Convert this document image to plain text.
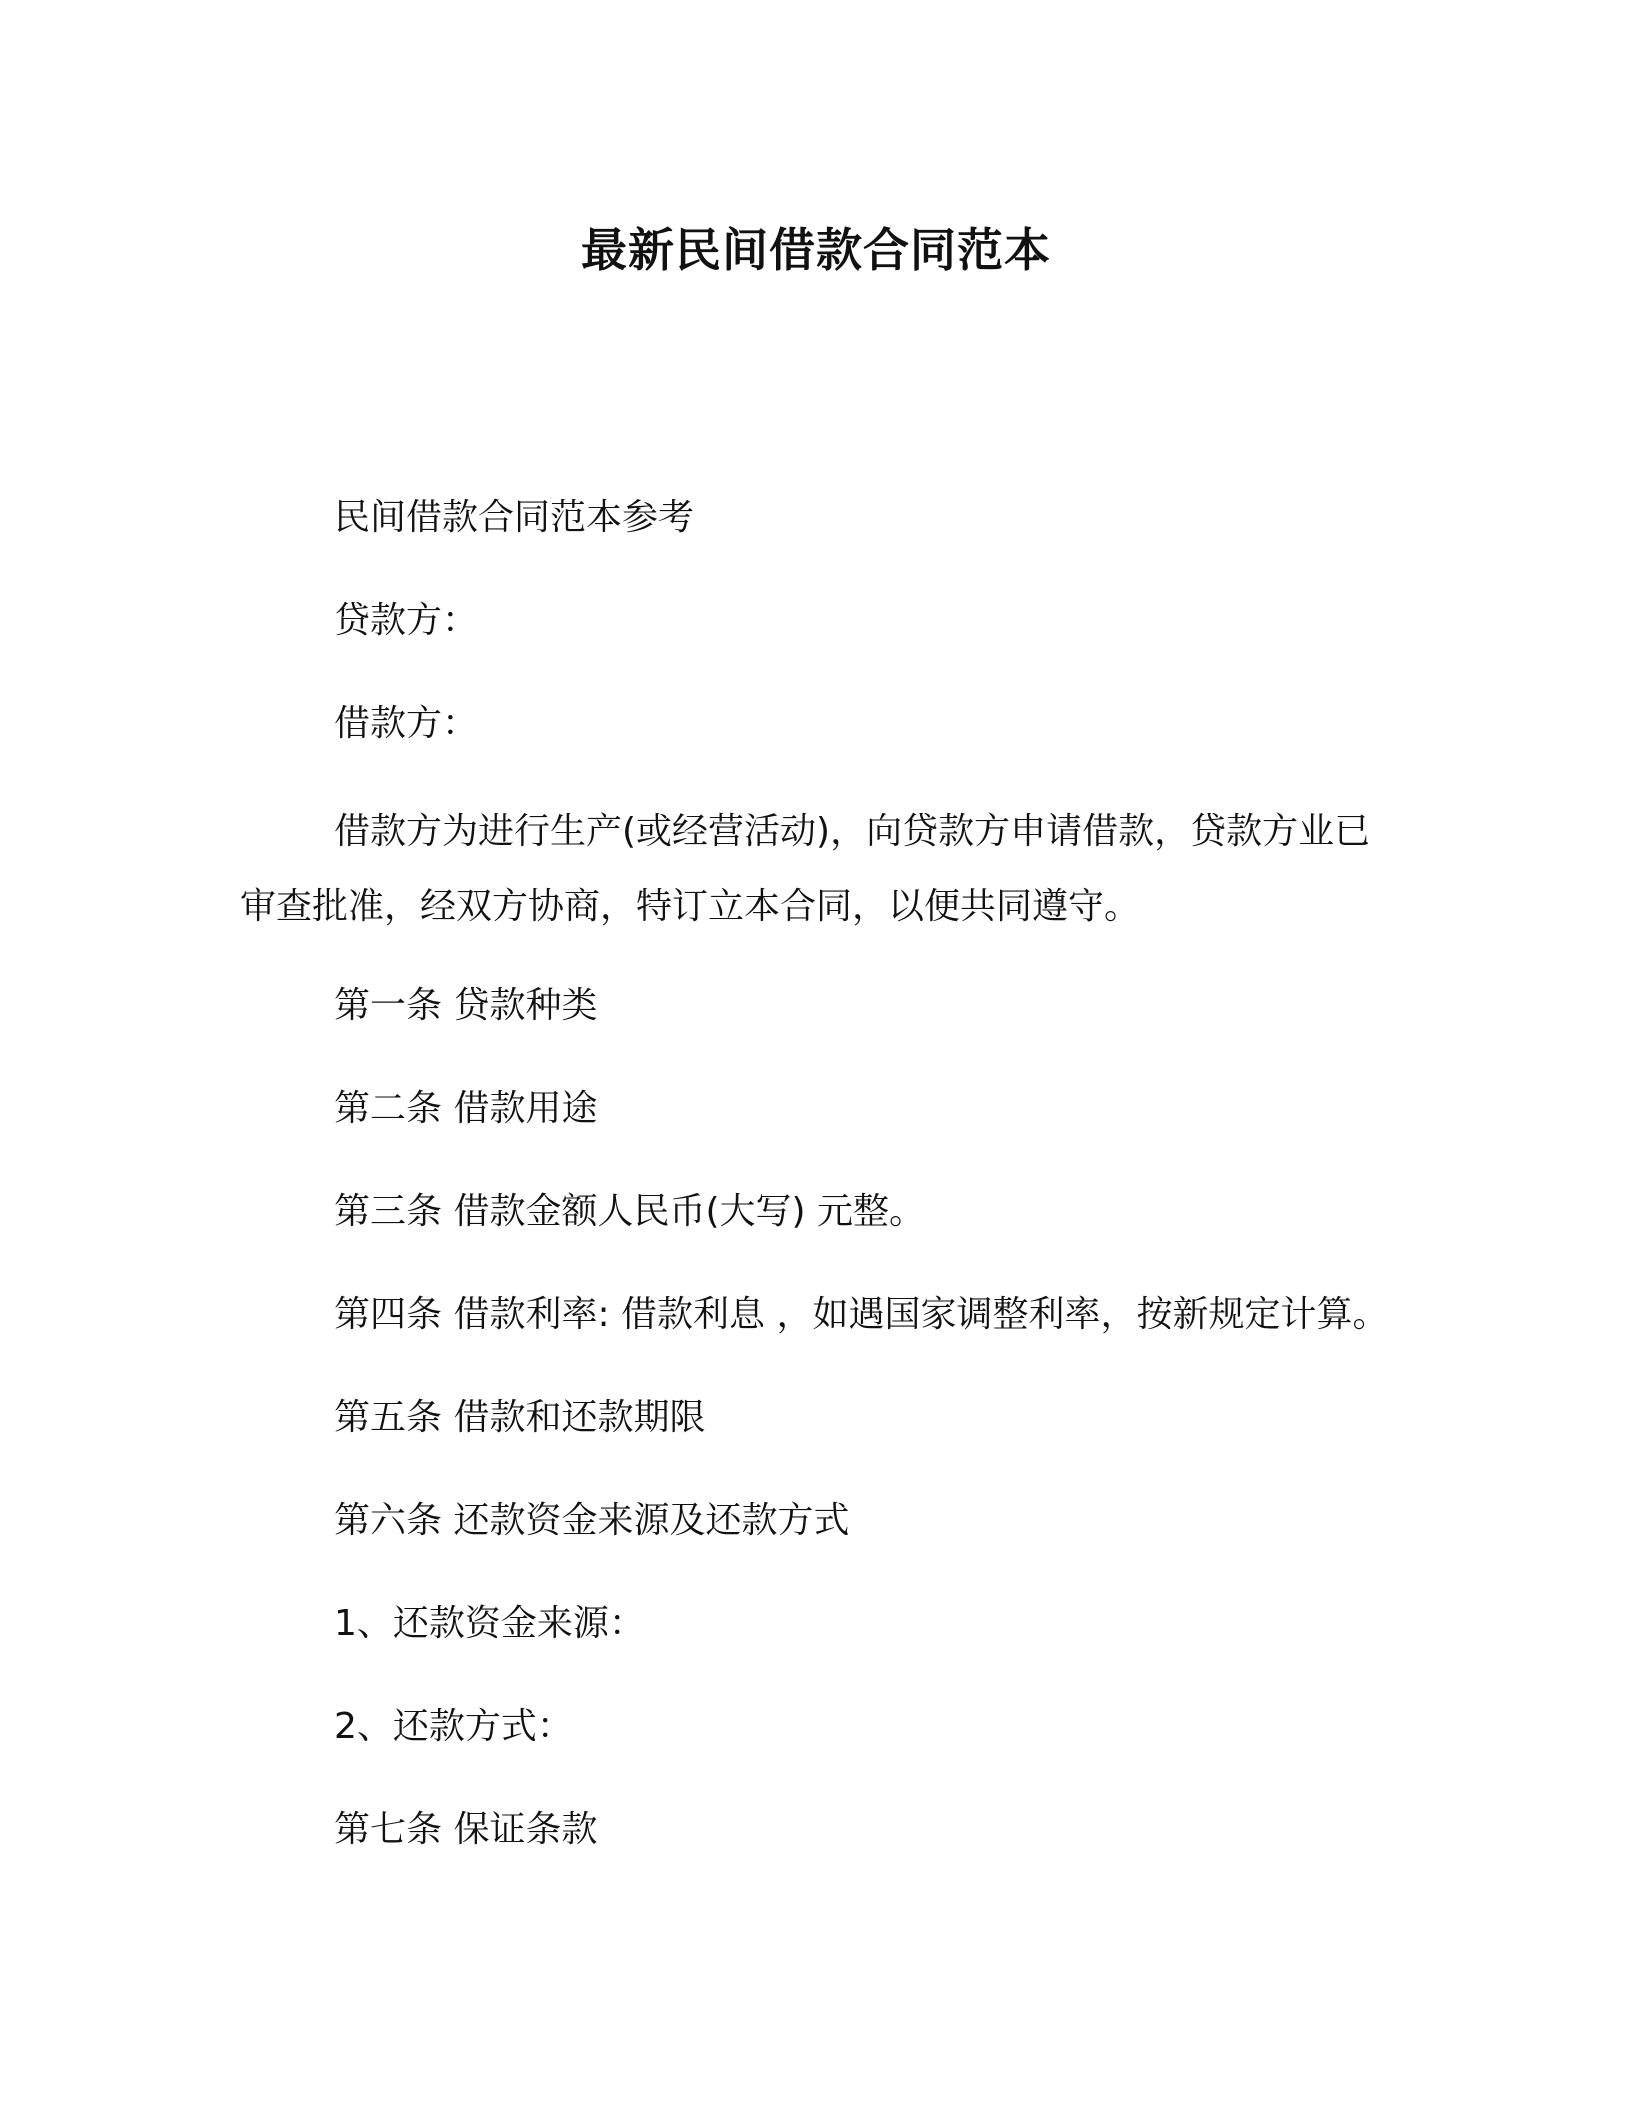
最新民间借款合同范本
民间借款合同范本参考
贷款方：
借款方：
借款方为进行生产(或经营活动)，向贷款方申请借款，贷款方业已审查批准，经双方协商，特订立本合同，以便共同遵守。
第一条 贷款种类
第二条 借款用途
第三条 借款金额人民币(大写) 元整。
第四条 借款利率: 借款利息 ，如遇国家调整利率，按新规定计算。
第五条 借款和还款期限
第六条 还款资金来源及还款方式
1、还款资金来源：
2、还款方式：
第七条 保证条款
